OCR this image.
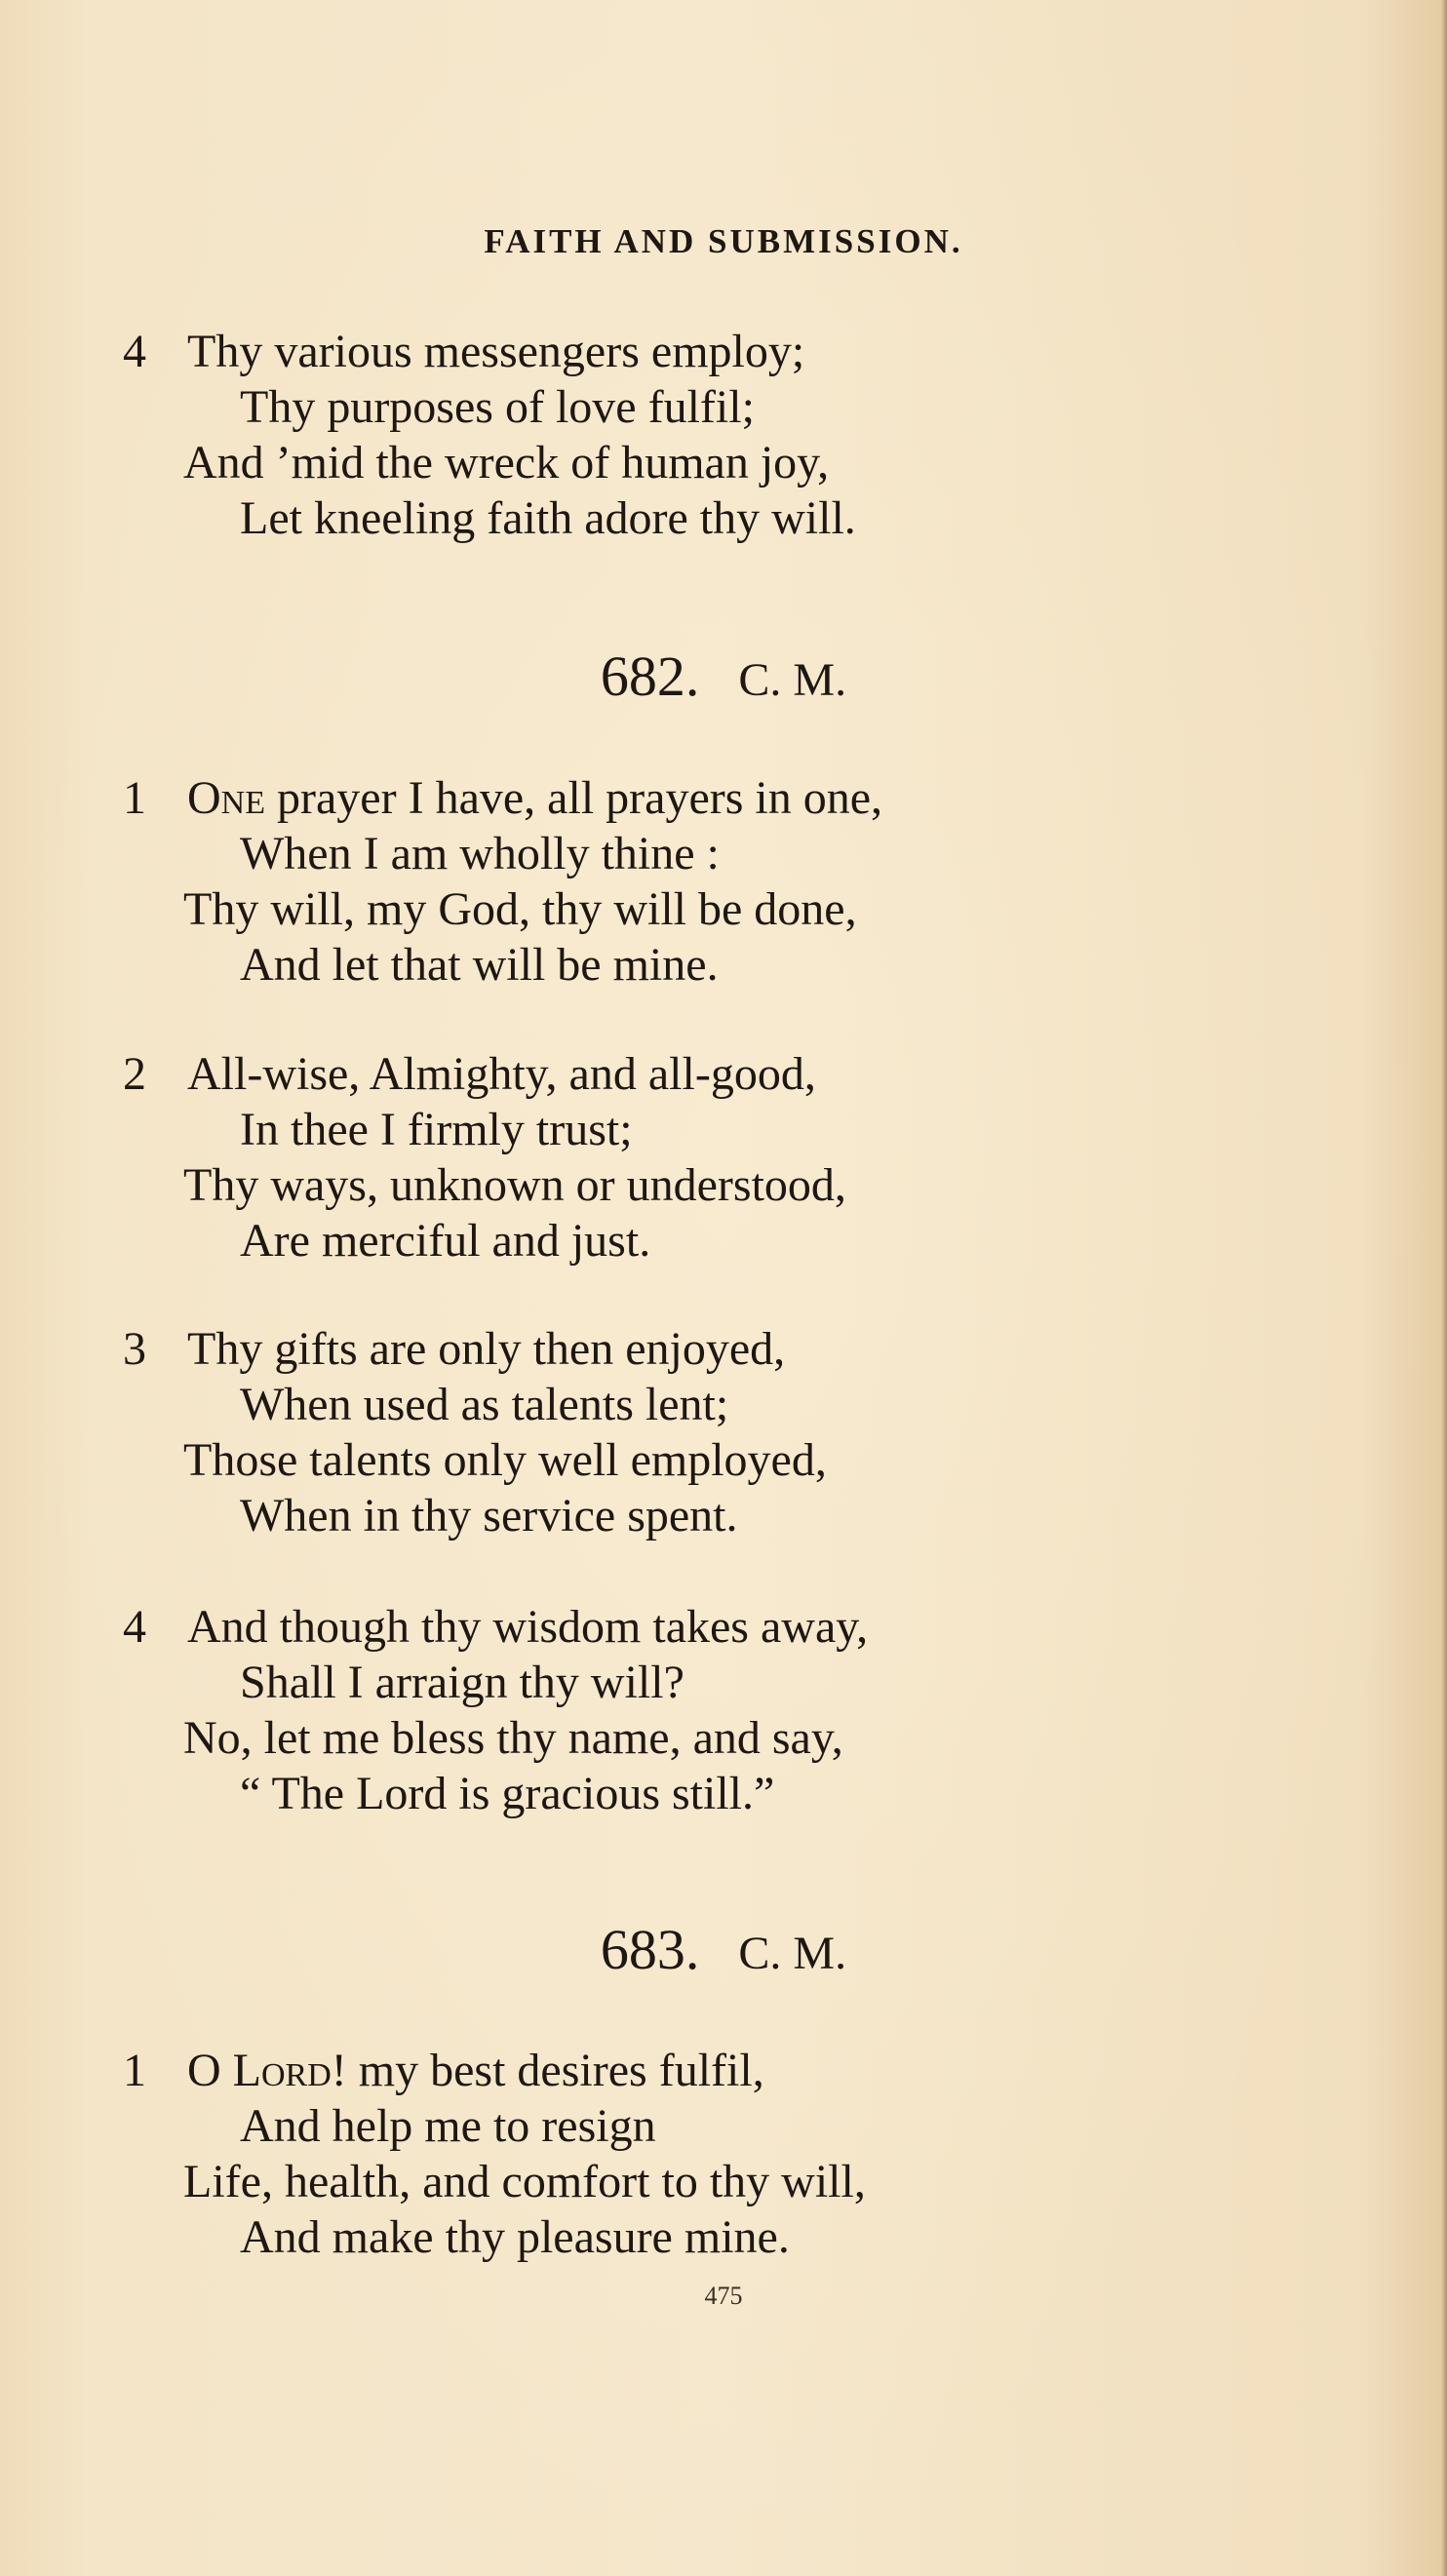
FAITH AND SUBMISSION.
4 Thy various messengers employ;
Thy purposes of love fulfil;
And ’mid the wreck of human joy,
Let kneeling faith adore thy will.
682. C. M.
1 One prayer I have, all prayers in one,
When I am wholly thine :
Thy will, my God, thy will be done,
And let that will be mine.
2 All-wise, Almighty, and all-good,
In thee I firmly trust;
Thy ways, unknown or understood,
Are merciful and just.
3 Thy gifts are only then enjoyed,
When used as talents lent;
Those talents only well employed,
When in thy service spent.
4 And though thy wisdom takes away,
Shall I arraign thy will?
No, let me bless thy name, and say,
“ The Lord is gracious still.”
683. C. M.
1 O Lord! my best desires fulfil,
And help me to resign
Life, health, and comfort to thy will,
And make thy pleasure mine.
475
